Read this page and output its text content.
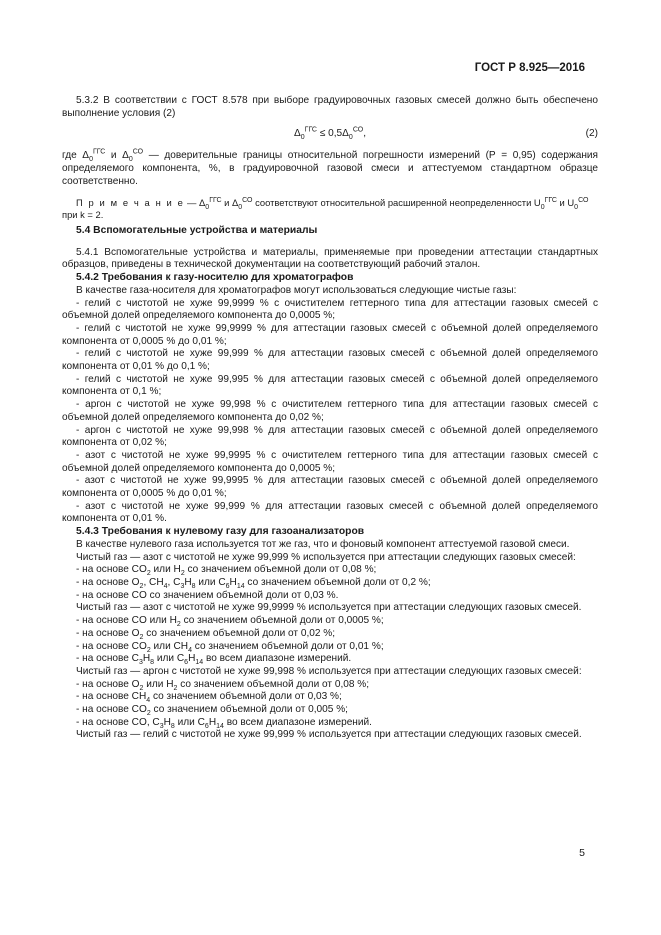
ГОСТ Р 8.925—2016

5.3.2 В соответствии с ГОСТ 8.578 при выборе градуировочных газовых смесей должно быть обеспечено выполнение условия (2)

$\Delta_0^{ГГС} \le 0,5\Delta_0^{СО}$,	(2)

где $\Delta_0^{ГГС}$ и $\Delta_0^{СО}$ — доверительные границы относительной погрешности измерений (Р = 0,95) содержания определяемого компонента, %, в градуировочной газовой смеси и аттестуемом стандартном образце соответственно.

П р и м е ч а н и е — $\Delta_0^{ГГС}$ и $\Delta_0^{СО}$ соответствуют относительной расширенной неопределенности $U_0^{ГГС}$ и $U_0^{СО}$ при k = 2.

5.4 Вспомогательные устройства и материалы

5.4.1 Вспомогательные устройства и материалы, применяемые при проведении аттестации стандартных образцов, приведены в технической документации на соответствующий рабочий эталон.

5.4.2 Требования к газу-носителю для хроматографов

В качестве газа-носителя для хроматографов могут использоваться следующие чистые газы:

- гелий с чистотой не хуже 99,9999 % с очистителем геттерного типа для аттестации газовых смесей с объемной долей определяемого компонента до 0,0005 %;

- гелий с чистотой не хуже 99,9999 % для аттестации газовых смесей с объемной долей определяемого компонента от 0,0005 % до 0,01 %;

- гелий с чистотой не хуже 99,999 % для аттестации газовых смесей с объемной долей определяемого компонента от 0,01 % до 0,1 %;

- гелий с чистотой не хуже 99,995 % для аттестации газовых смесей с объемной долей определяемого компонента от 0,1 %;

- аргон с чистотой не хуже 99,998 % с очистителем геттерного типа для аттестации газовых смесей с объемной долей определяемого компонента до 0,02 %;

- аргон с чистотой не хуже 99,998 % для аттестации газовых смесей с объемной долей определяемого компонента от 0,02 %;

- азот с чистотой не хуже 99,9995 % с очистителем геттерного типа для аттестации газовых смесей с объемной долей определяемого компонента до 0,0005 %;

- азот с чистотой не хуже 99,9995 % для аттестации газовых смесей с объемной долей определяемого компонента от 0,0005 % до 0,01 %;

- азот с чистотой не хуже 99,999 % для аттестации газовых смесей с объемной долей определяемого компонента от 0,01 %.

5.4.3 Требования к нулевому газу для газоанализаторов

В качестве нулевого газа используется тот же газ, что и фоновый компонент аттестуемой газовой смеси.

Чистый газ — азот с чистотой не хуже 99,999 % используется при аттестации следующих газовых смесей:

- на основе $CO_2$ или $H_2$ со значением объемной доли от 0,08 %;

- на основе $O_2$, $CH_4$, $C_3H_8$ или $C_6H_{14}$ со значением объемной доли от 0,2 %;

- на основе CO со значением объемной доли от 0,03 %.

Чистый газ — азот с чистотой не хуже 99,9999 % используется при аттестации следующих газовых смесей.

- на основе CO или $H_2$ со значением объемной доли от 0,0005 %;

- на основе $O_2$ со значением объемной доли от 0,02 %;

- на основе $CO_2$ или $CH_4$ со значением объемной доли от 0,01 %;

- на основе $C_3H_8$ или $C_6H_{14}$ во всем диапазоне измерений.

Чистый газ — аргон с чистотой не хуже 99,998 % используется при аттестации следующих газовых смесей:

- на основе $O_2$ или $H_2$ со значением объемной доли от 0,08 %;

- на основе $CH_4$ со значением объемной доли от 0,03 %;

- на основе $CO_2$ со значением объемной доли от 0,005 %;

- на основе CO, $C_3H_8$ или $C_6H_{14}$ во всем диапазоне измерений.

Чистый газ — гелий с чистотой не хуже 99,999 % используется при аттестации следующих газовых смесей.

5
